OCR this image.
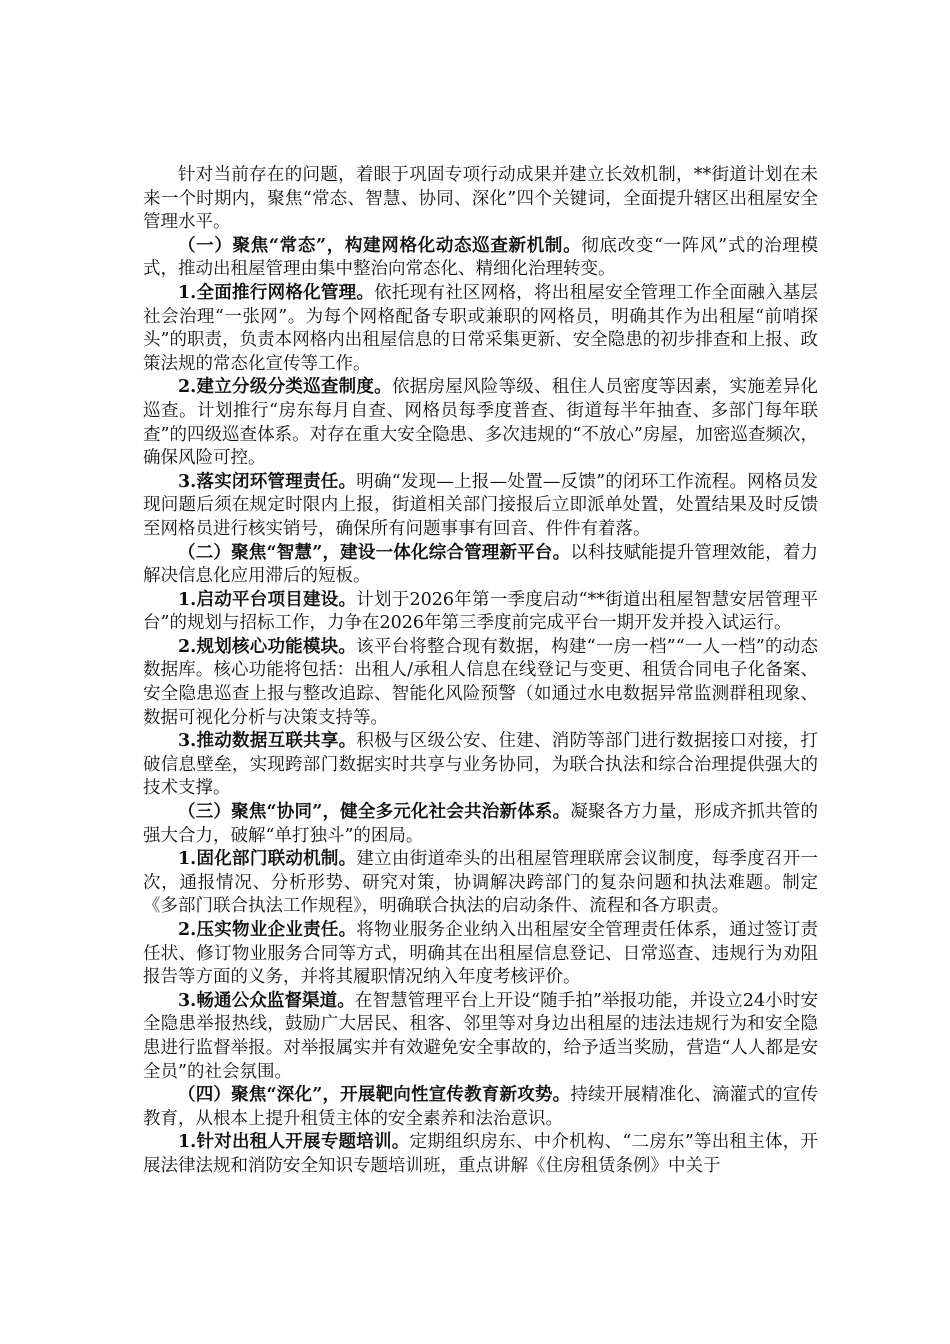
针对当前存在的问题，着眼于巩固专项行动成果并建立长效机制，**街道计划在未来一个时期内，聚焦“常态、智慧、协同、深化”四个关键词，全面提升辖区出租屋安全管理水平。

（一）聚焦“常态”，构建网格化动态巡查新机制。彻底改变“一阵风”式的治理模式，推动出租屋管理由集中整治向常态化、精细化治理转变。

1.全面推行网格化管理。依托现有社区网格，将出租屋安全管理工作全面融入基层社会治理“一张网”。为每个网格配备专职或兼职的网格员，明确其作为出租屋“前哨探头”的职责，负责本网格内出租屋信息的日常采集更新、安全隐患的初步排查和上报、政策法规的常态化宣传等工作。

2.建立分级分类巡查制度。依据房屋风险等级、租住人员密度等因素，实施差异化巡查。计划推行“房东每月自查、网格员每季度普查、街道每半年抽查、多部门每年联查”的四级巡查体系。对存在重大安全隐患、多次违规的“不放心”房屋，加密巡查频次，确保风险可控。

3.落实闭环管理责任。明确“发现—上报—处置—反馈”的闭环工作流程。网格员发现问题后须在规定时限内上报，街道相关部门接报后立即派单处置，处置结果及时反馈至网格员进行核实销号，确保所有问题事事有回音、件件有着落。

（二）聚焦“智慧”，建设一体化综合管理新平台。以科技赋能提升管理效能，着力解决信息化应用滞后的短板。

1.启动平台项目建设。计划于2026年第一季度启动“**街道出租屋智慧安居管理平台”的规划与招标工作，力争在2026年第三季度前完成平台一期开发并投入试运行。

2.规划核心功能模块。该平台将整合现有数据，构建“一房一档”“一人一档”的动态数据库。核心功能将包括：出租人/承租人信息在线登记与变更、租赁合同电子化备案、安全隐患巡查上报与整改追踪、智能化风险预警（如通过水电数据异常监测群租现象、数据可视化分析与决策支持等。

3.推动数据互联共享。积极与区级公安、住建、消防等部门进行数据接口对接，打破信息壁垒，实现跨部门数据实时共享与业务协同，为联合执法和综合治理提供强大的技术支撑。

（三）聚焦“协同”，健全多元化社会共治新体系。凝聚各方力量，形成齐抓共管的强大合力，破解“单打独斗”的困局。

1.固化部门联动机制。建立由街道牵头的出租屋管理联席会议制度，每季度召开一次，通报情况、分析形势、研究对策，协调解决跨部门的复杂问题和执法难题。制定《多部门联合执法工作规程》，明确联合执法的启动条件、流程和各方职责。

2.压实物业企业责任。将物业服务企业纳入出租屋安全管理责任体系，通过签订责任状、修订物业服务合同等方式，明确其在出租屋信息登记、日常巡查、违规行为劝阻报告等方面的义务，并将其履职情况纳入年度考核评价。

3.畅通公众监督渠道。在智慧管理平台上开设“随手拍”举报功能，并设立24小时安全隐患举报热线，鼓励广大居民、租客、邻里等对身边出租屋的违法违规行为和安全隐患进行监督举报。对举报属实并有效避免安全事故的，给予适当奖励，营造“人人都是安全员”的社会氛围。

（四）聚焦“深化”，开展靶向性宣传教育新攻势。持续开展精准化、滴灌式的宣传教育，从根本上提升租赁主体的安全素养和法治意识。

1.针对出租人开展专题培训。定期组织房东、中介机构、“二房东”等出租主体，开展法律法规和消防安全知识专题培训班，重点讲解《住房租赁条例》中关于
